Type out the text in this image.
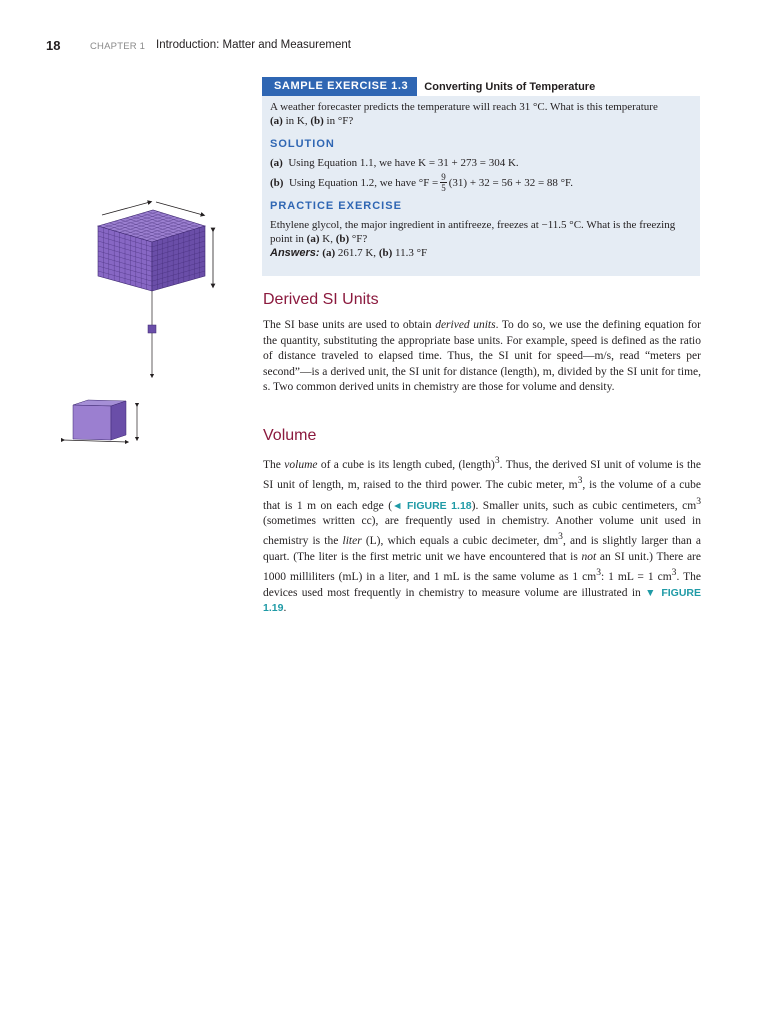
18	CHAPTER 1 Introduction: Matter and Measurement
SAMPLE EXERCISE 1.3	Converting Units of Temperature
A weather forecaster predicts the temperature will reach 31 °C. What is this temperature
(a) in K, (b) in °F?
SOLUTION
(a)
Using Equation 1.1, we have K = 31 + 273 = 304 K.
(b)
Using Equation 1.2, we have $^\circ F = \frac{9}{5} (31) + 32 = 56 + 32 = 88$ °F.
PRACTICE EXERCISE
Ethylene glycol, the major ingredient in antifreeze, freezes at −11.5 °C. What is the freezing point in (a) K, (b) °F?
Answers: (a) 261.7 K, (b) 11.3 °F
Derived SI Units
The SI base units are used to obtain derived units. To do so, we use the defining equation for the quantity, substituting the appropriate base units. For example, speed is defined as the ratio of distance traveled to elapsed time. Thus, the SI unit for speed—m/s, read “meters per second”—is a derived unit, the SI unit for distance (length), m, divided by the SI unit for time, s. Two common derived units in chemistry are those for volume and density.
Volume
The volume of a cube is its length cubed, (length)$^3$. Thus, the derived SI unit of volume is the SI unit of length, m, raised to the third power. The cubic meter, $m^3$, is the volume of a cube that is 1 m on each edge (◄ FIGURE 1.18). Smaller units, such as cubic centimeters, $cm^3$ (sometimes written cc), are frequently used in chemistry. Another volume unit used in chemistry is the liter (L), which equals a cubic decimeter, $dm^3$, and is slightly larger than a quart. (The liter is the first metric unit we have encountered that is not an SI unit.) There are 1000 milliliters (mL) in a liter, and 1 mL is the same volume as 1 $cm^3$: 1 mL = 1 $cm^3$. The devices used most frequently in chemistry to measure volume are illustrated in ▼ FIGURE 1.19.
